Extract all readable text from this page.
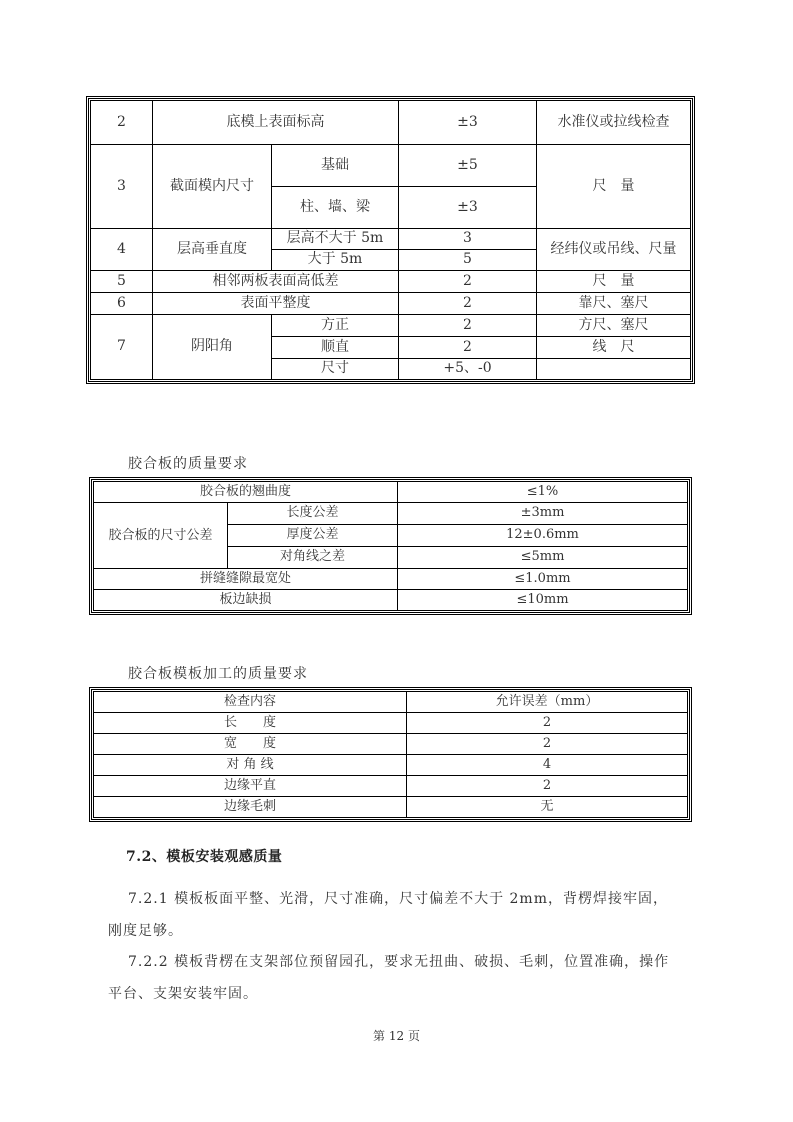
2	底模上表面标高		±3	水准仪或拉线检查
3	截面模内尺寸	基础	±5	尺　量
		柱、墙、梁	±3	
4	层高垂直度	层高不大于 5m	3	经纬仪或吊线、尺量
		大于 5m	5	
5	相邻两板表面高低差		2	尺　量
6	表面平整度		2	靠尺、塞尺
7	阴阳角	方正	2	方尺、塞尺
		顺直	2	线　尺
		尺寸	+5、-0	
胶合板的质量要求
胶合板的翘曲度		≤1%
胶合板的尺寸公差	长度公差	±3mm
	厚度公差	12±0.6mm
	对角线之差	≤5mm
拼缝缝隙最宽处		≤1.0mm
板边缺损		≤10mm
胶合板模板加工的质量要求
检查内容	允许误差（mm）
长　　度	2
宽　　度	2
对 角 线	4
边缘平直	2
边缘毛刺	无
7.2、模板安装观感质量
7.2.1 模板板面平整、光滑，尺寸准确，尺寸偏差不大于 2mm，背楞焊接牢固，刚度足够。
7.2.2 模板背楞在支架部位预留园孔，要求无扭曲、破损、毛刺，位置准确，操作平台、支架安装牢固。
第 12 页
